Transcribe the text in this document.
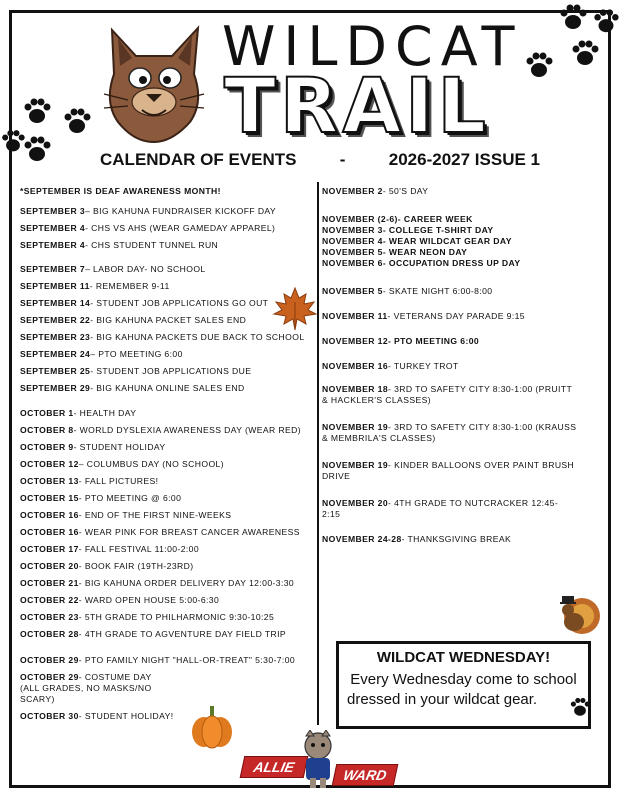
WILDCAT
TRAIL
CALENDAR OF EVENTS	-	2026-2027 ISSUE 1
*SEPTEMBER IS DEAF AWARENESS MONTH!
SEPTEMBER 3– BIG KAHUNA FUNDRAISER KICKOFF DAY
SEPTEMBER 4- CHS VS AHS (WEAR GAMEDAY APPAREL)
SEPTEMBER 4- CHS STUDENT TUNNEL RUN
SEPTEMBER 7– LABOR DAY- NO SCHOOL
SEPTEMBER 11- REMEMBER 9-11
SEPTEMBER 14- STUDENT JOB APPLICATIONS GO OUT
SEPTEMBER 22- BIG KAHUNA PACKET SALES END
SEPTEMBER 23- BIG KAHUNA PACKETS DUE BACK TO SCHOOL
SEPTEMBER 24– PTO MEETING 6:00
SEPTEMBER 25- STUDENT JOB APPLICATIONS DUE
SEPTEMBER 29- BIG KAHUNA ONLINE SALES END
OCTOBER 1- HEALTH DAY
OCTOBER 8- WORLD DYSLEXIA AWARENESS DAY (WEAR RED)
OCTOBER 9- STUDENT HOLIDAY
OCTOBER 12– COLUMBUS DAY (NO SCHOOL)
OCTOBER 13- FALL PICTURES!
OCTOBER 15- PTO MEETING @ 6:00
OCTOBER 16- END OF THE FIRST NINE-WEEKS
OCTOBER 16- WEAR PINK FOR BREAST CANCER AWARENESS
OCTOBER 17- FALL FESTIVAL 11:00-2:00
OCTOBER 20- BOOK FAIR (19TH-23RD)
OCTOBER 21- BIG KAHUNA ORDER DELIVERY DAY 12:00-3:30
OCTOBER 22- WARD OPEN HOUSE 5:00-6:30
OCTOBER 23- 5TH GRADE TO PHILHARMONIC 9:30-10:25
OCTOBER 28- 4TH GRADE TO AGVENTURE DAY FIELD TRIP
OCTOBER 29- PTO FAMILY NIGHT "HALL-OR-TREAT" 5:30-7:00
OCTOBER 29- COSTUME DAY
(ALL GRADES, NO MASKS/NO
SCARY)
OCTOBER 30- STUDENT HOLIDAY!
NOVEMBER 2- 50'S DAY
NOVEMBER (2-6)- CAREER WEEK
NOVEMBER 3- COLLEGE T-SHIRT DAY
NOVEMBER 4- WEAR WILDCAT GEAR DAY
NOVEMBER 5- WEAR NEON DAY
NOVEMBER 6- OCCUPATION DRESS UP DAY
NOVEMBER 5- SKATE NIGHT 6:00-8:00
NOVEMBER 11- VETERANS DAY PARADE 9:15
NOVEMBER 12- PTO MEETING 6:00
NOVEMBER 16- TURKEY TROT
NOVEMBER 18- 3RD TO SAFETY CITY 8:30-1:00 (PRUITT
& HACKLER'S CLASSES)
NOVEMBER 19- 3RD TO SAFETY CITY 8:30-1:00 (KRAUSS
& MEMBRILA'S CLASSES)
NOVEMBER 19- KINDER BALLOONS OVER PAINT BRUSH
DRIVE
NOVEMBER 20- 4TH GRADE TO NUTCRACKER 12:45-
2:15
NOVEMBER 24-28- THANKSGIVING BREAK
WILDCAT WEDNESDAY!
Every Wednesday come to school
dressed in your wildcat gear.
ALLIE	WARD
